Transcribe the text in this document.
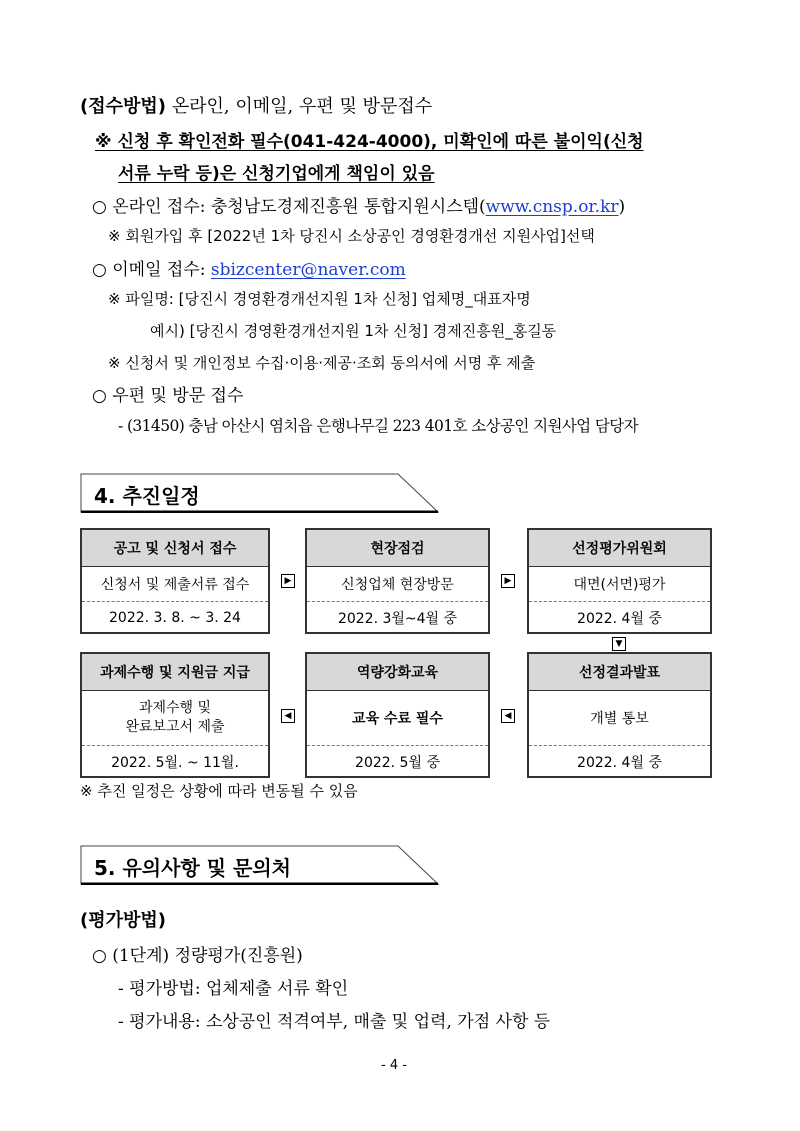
(접수방법) 온라인, 이메일, 우편 및 방문접수
※ 신청 후 확인전화 필수(041-424-4000), 미확인에 따른 불이익(신청
서류 누락 등)은 신청기업에게 책임이 있음
○ 온라인 접수: 충청남도경제진흥원 통합지원시스템(www.cnsp.or.kr)
※ 회원가입 후 [2022년 1차 당진시 소상공인 경영환경개선 지원사업]선택
○ 이메일 접수: sbizcenter@naver.com
※ 파일명: [당진시 경영환경개선지원 1차 신청] 업체명_대표자명
예시) [당진시 경영환경개선지원 1차 신청] 경제진흥원_홍길동
※ 신청서 및 개인정보 수집·이용·제공·조회 동의서에 서명 후 제출
○ 우편 및 방문 접수
- (31450) 충남 아산시 염치읍 은행나무길 223 401호 소상공인 지원사업 담당자
4. 추진일정
공고 및 신청서 접수
신청서 및 제출서류 접수
2022. 3. 8. ~ 3. 24
▶
현장점검
신청업체 현장방문
2022. 3월~4월 중
▶
선정평가위원회
대면(서면)평가
2022. 4월 중
▼
과제수행 및 지원금 지급
과제수행 및
완료보고서 제출
2022. 5월. ~ 11월.
◀
역량강화교육
교육 수료 필수
2022. 5월 중
◀
선정결과발표
개별 통보
2022. 4월 중
※ 추진 일정은 상황에 따라 변동될 수 있음
5. 유의사항 및 문의처
(평가방법)
○ (1단계) 정량평가(진흥원)
- 평가방법: 업체제출 서류 확인
- 평가내용: 소상공인 적격여부, 매출 및 업력, 가점 사항 등
- 4 -
